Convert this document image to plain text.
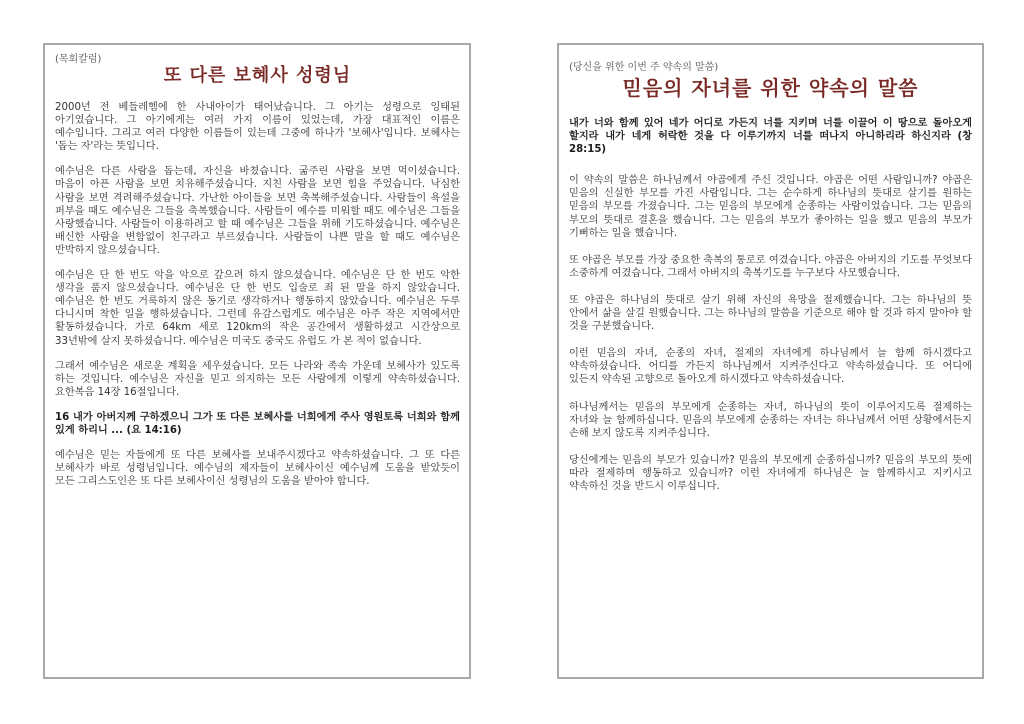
(목회칼럼)

또 다른 보혜사 성령님

2000년 전 베들레헴에 한 사내아이가 태어났습니다. 그 아기는 성령으로 잉태된 아기였습니다. 그 아기에게는 여러 가지 이름이 있었는데, 가장 대표적인 이름은 예수입니다. 그리고 여러 다양한 이름들이 있는데 그중에 하나가 '보혜사'입니다. 보혜사는 '돕는 자'라는 뜻입니다.

예수님은 다른 사람을 돕는데, 자신을 바쳤습니다. 굶주린 사람을 보면 먹이셨습니다. 마음이 아픈 사람을 보면 치유해주셨습니다. 지친 사람을 보면 힘을 주었습니다. 낙심한 사람을 보면 격려해주셨습니다. 가난한 아이들을 보면 축복해주셨습니다. 사람들이 욕설을 퍼부을 때도 예수님은 그들을 축복했습니다. 사람들이 예수를 미워할 때도 예수님은 그들을 사랑했습니다. 사람들이 이용하려고 할 때 예수님은 그들을 위해 기도하셨습니다. 예수님은 배신한 사람을 변함없이 친구라고 부르셨습니다. 사람들이 나쁜 말을 할 때도 예수님은 반박하지 않으셨습니다.

예수님은 단 한 번도 악을 악으로 갚으려 하지 않으셨습니다. 예수님은 단 한 번도 악한 생각을 품지 않으셨습니다. 예수님은 단 한 번도 입술로 죄 된 말을 하지 않았습니다. 예수님은 한 번도 거룩하지 않은 동기로 생각하거나 행동하지 않았습니다. 예수님은 두루 다니시며 착한 일을 행하셨습니다. 그런데 유감스럽게도 예수님은 아주 작은 지역에서만 활동하셨습니다. 가로 64km 세로 120km의 작은 공간에서 생활하셨고 시간상으로 33년밖에 살지 못하셨습니다. 예수님은 미국도 중국도 유럽도 가 본 적이 없습니다.

그래서 예수님은 새로운 계획을 세우셨습니다. 모든 나라와 족속 가운데 보혜사가 있도록 하는 것입니다. 예수님은 자신을 믿고 의지하는 모든 사람에게 이렇게 약속하셨습니다. 요한복음 14장 16절입니다.

16 내가 아버지께 구하겠으니 그가 또 다른 보혜사를 너희에게 주사 영원토록 너희와 함께 있게 하리니 ... (요 14:16)

예수님은 믿는 자들에게 또 다른 보혜사를 보내주시겠다고 약속하셨습니다. 그 또 다른 보혜사가 바로 성령님입니다. 예수님의 제자들이 보혜사이신 예수님께 도움을 받았듯이 모든 그리스도인은 또 다른 보혜사이신 성령님의 도움을 받아야 합니다.

(당신을 위한 이번 주 약속의 말씀)

믿음의 자녀를 위한 약속의 말씀

내가 너와 함께 있어 네가 어디로 가든지 너를 지키며 너를 이끌어 이 땅으로 돌아오게 할지라 내가 네게 허락한 것을 다 이루기까지 너를 떠나지 아니하리라 하신지라 (창 28:15)

이 약속의 말씀은 하나님께서 야곱에게 주신 것입니다. 야곱은 어떤 사람입니까? 야곱은 믿음의 신실한 부모를 가진 사람입니다. 그는 순수하게 하나님의 뜻대로 살기를 원하는 믿음의 부모를 가졌습니다. 그는 믿음의 부모에게 순종하는 사람이었습니다. 그는 믿음의 부모의 뜻대로 결혼을 했습니다. 그는 믿음의 부모가 좋아하는 일을 했고 믿음의 부모가 기뻐하는 일을 했습니다.

또 야곱은 부모를 가장 중요한 축복의 통로로 여겼습니다. 야곱은 아버지의 기도를 무엇보다 소중하게 여겼습니다. 그래서 아버지의 축복기도를 누구보다 사모했습니다.

또 야곱은 하나님의 뜻대로 살기 위해 자신의 욕망을 절제했습니다. 그는 하나님의 뜻 안에서 삶을 살길 원했습니다. 그는 하나님의 말씀을 기준으로 해야 할 것과 하지 말아야 할 것을 구분했습니다.

이런 믿음의 자녀, 순종의 자녀, 절제의 자녀에게 하나님께서 늘 함께 하시겠다고 약속하셨습니다. 어디를 가든지 하나님께서 지켜주신다고 약속하셨습니다. 또 어디에 있든지 약속된 고향으로 돌아오게 하시겠다고 약속하셨습니다.

하나님께서는 믿음의 부모에게 순종하는 자녀, 하나님의 뜻이 이루어지도록 절제하는 자녀와 늘 함께하십니다. 믿음의 부모에게 순종하는 자녀는 하나님께서 어떤 상황에서든지 손해 보지 않도록 지켜주십니다.

당신에게는 믿음의 부모가 있습니까? 믿음의 부모에게 순종하십니까? 믿음의 부모의 뜻에 따라 절제하며 행동하고 있습니까? 이런 자녀에게 하나님은 늘 함께하시고 지키시고 약속하신 것을 반드시 이루십니다.
